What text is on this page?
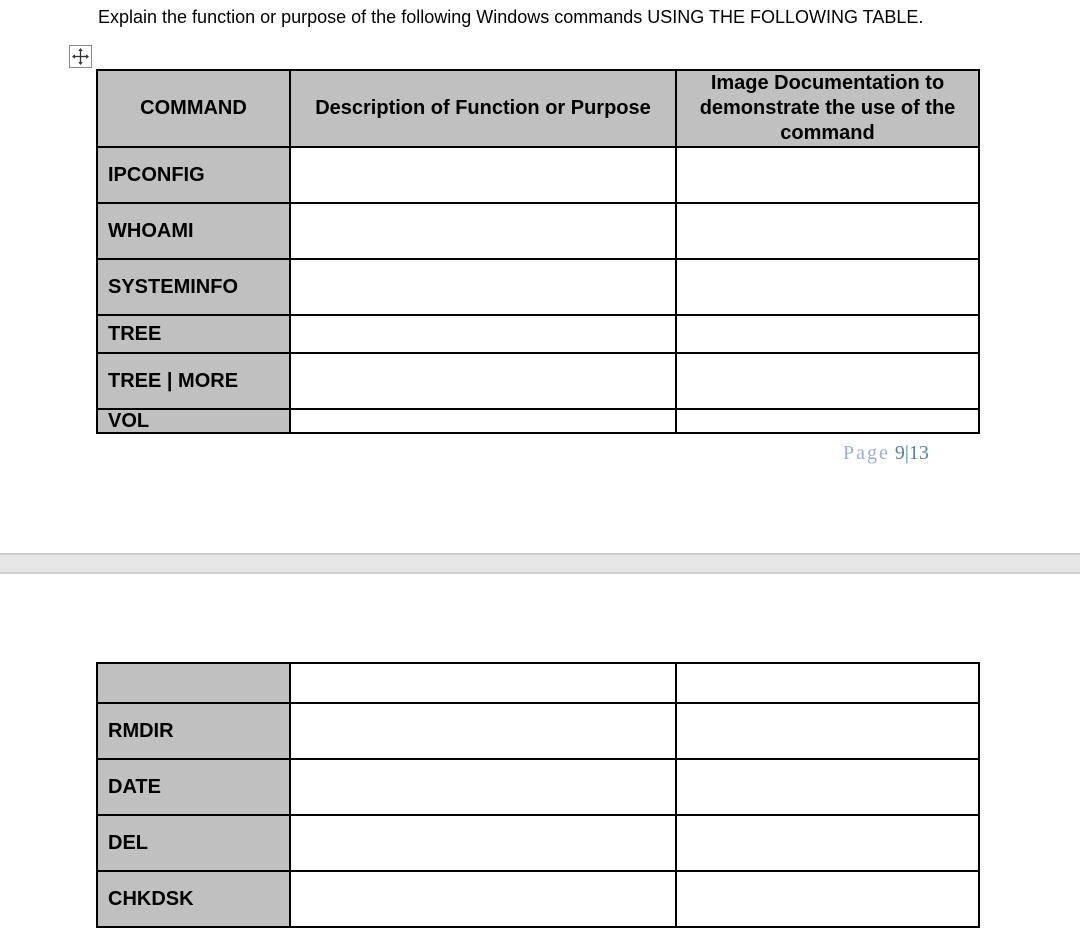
Explain the function or purpose of the following Windows commands USING THE FOLLOWING TABLE.
COMMAND	Description of Function or Purpose	Image Documentation to demonstrate the use of the command
IPCONFIG		
WHOAMI		
SYSTEMINFO		
TREE		
TREE | MORE		
VOL		
Page 9|13

RMDIR		
DATE		
DEL		
CHKDSK		
